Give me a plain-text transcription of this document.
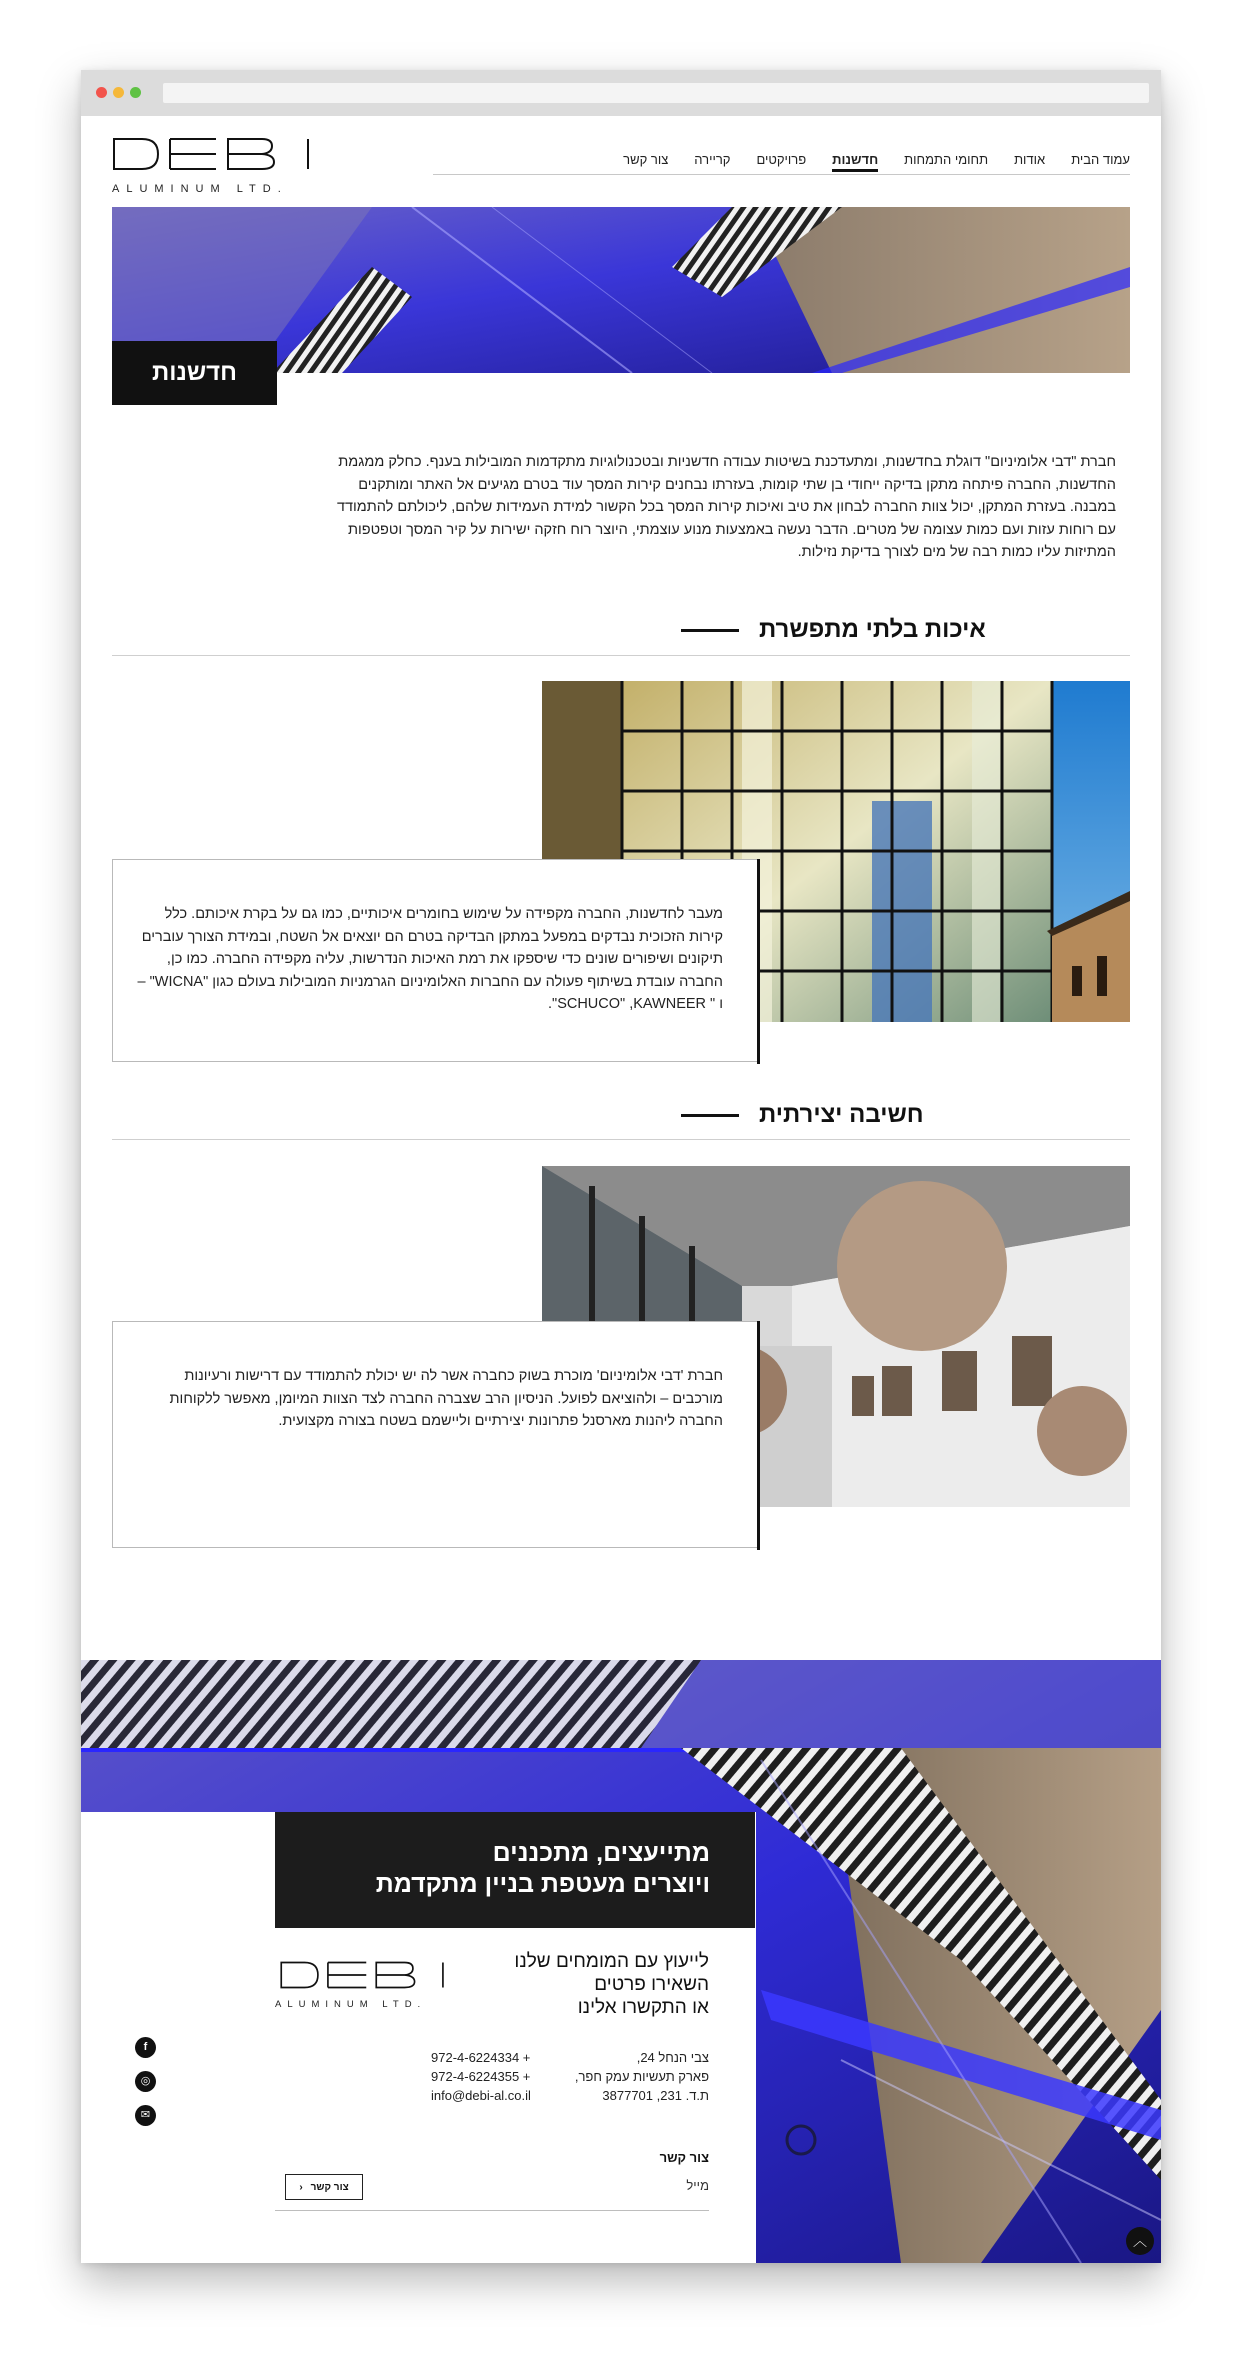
ALUMINUM LTD.
עמוד הבית
אודות
תחומי התמחות
חדשנות
פרויקטים
קריירה
צור קשר
חדשנות
חברת "דבי אלומיניום" דוגלת בחדשנות, ומתעדכנת בשיטות עבודה חדשניות ובטכנולוגיות מתקדמות המובילות בענף. כחלק ממגמת החדשנות, החברה פיתחה מתקן בדיקה ייחודי בן שתי קומות, בעזרתו נבחנים קירות המסך עוד בטרם מגיעים אל האתר ומותקנים במבנה. בעזרת המתקן, יכול צוות החברה לבחון את טיב ואיכות קירות המסך בכל הקשור למידת העמידות שלהם, ליכולתם להתמודד עם רוחות עזות ועם כמות עצומה של מטרים. הדבר נעשה באמצעות מנוע עוצמתי, היוצר רוח חזקה ישירות על קיר המסך וטפטפות המתיזות עליו כמות רבה של מים לצורך בדיקת נזילות.
איכות בלתי מתפשרת
מעבר לחדשנות, החברה מקפידה על שימוש בחומרים איכותיים, כמו גם על בקרת איכותם. כלל קירות הזכוכית נבדקים במפעל במתקן הבדיקה בטרם הם יוצאים אל השטח, ובמידת הצורך עוברים תיקונים ושיפורים שונים כדי שיספקו את רמת האיכות הנדרשות, עליה מקפידה החברה. כמו כן, החברה עובדת בשיתוף פעולה עם החברות האלומיניום הגרמניות המובילות בעולם כגון "WICNA" – ו " SCHUCO" ,KAWNEER".
חשיבה יצירתית
חברת 'דבי אלומיניום' מוכרת בשוק כחברה אשר לה יש יכולת להתמודד עם דרישות ורעיונות מורכבים – ולהוציאם לפועל. הניסיון הרב שצברה החברה לצד הצוות המיומן, מאפשר ללקוחות החברה ליהנות מארסנל פתרונות יצירתיים וליישמם בשטח בצורה מקצועית.
מתייעצים, מתכננים
ויוצרים מעטפת בניין מתקדמת
ALUMINUM LTD.
לייעוץ עם המומחים שלנו
השאירו פרטים
או התקשרו אלינו
צבי הנחל 24,
פארק תעשיות עמק חפר,
ת.ד. 231, 3877701
972-4-6224334 +
972-4-6224355 +
info@debi-al.co.il
f
◎
✉
צור קשר
מייל
צור קשר
‹
︿
